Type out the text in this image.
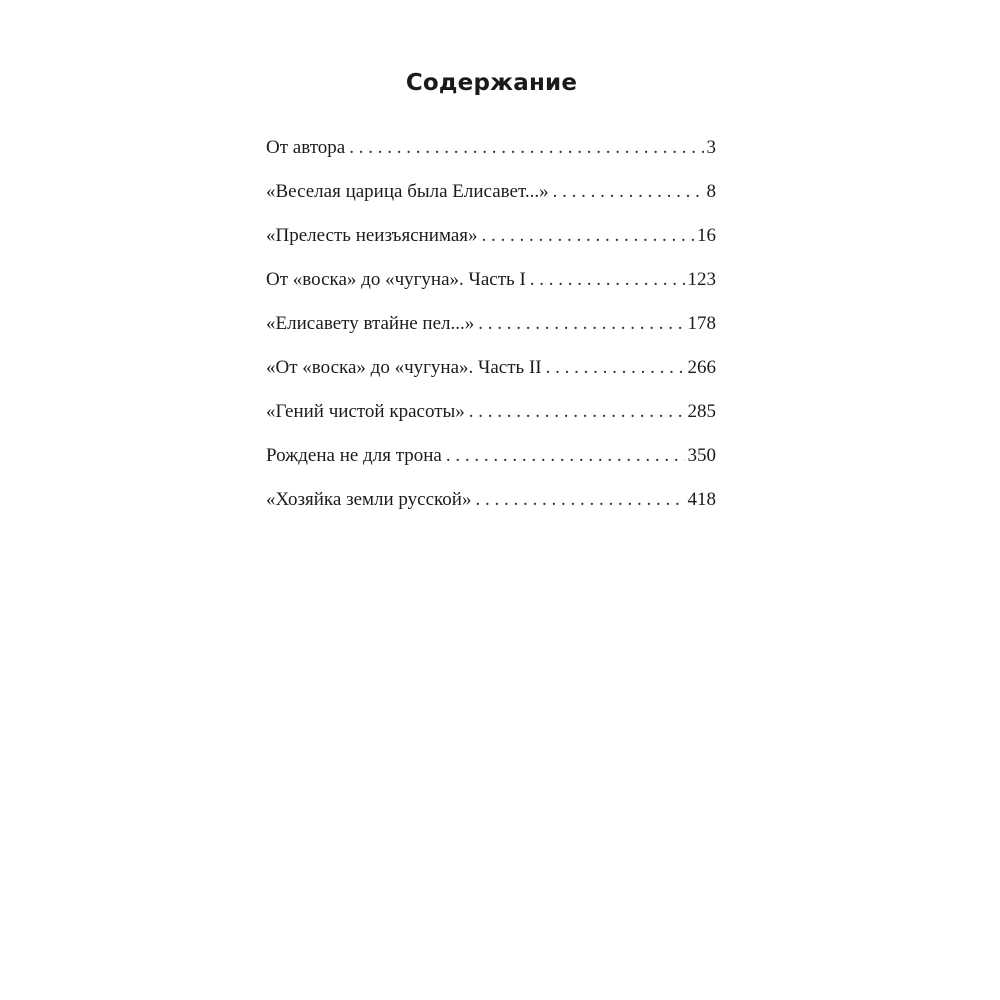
Содержание
От автора . . .	3
«Веселая царица была Елисавет...» . . .	8
«Прелесть неизъяснимая» . . .	16
От «воска» до «чугуна». Часть I . . .	123
«Елисавету втайне пел...» . . .	178
«От «воска» до «чугуна». Часть II . . .	266
«Гений чистой красоты» . . .	285
Рождена не для трона . . .	350
«Хозяйка земли русской» . . .	418
